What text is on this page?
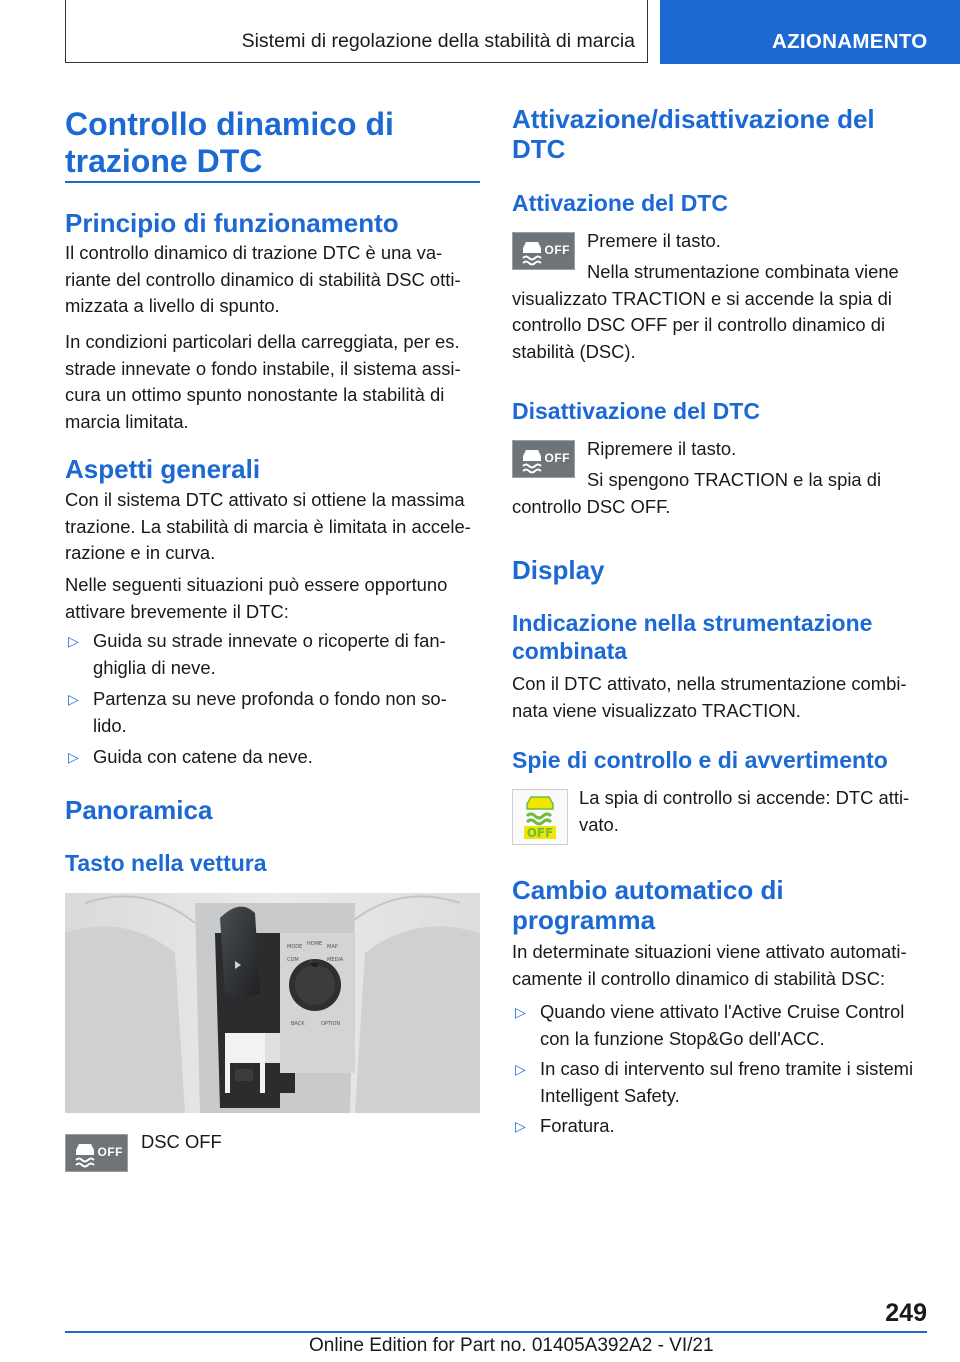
Sistemi di regolazione della stabilità di marcia	AZIONAMENTO
Controllo dinamico di
trazione DTC
Principio di funzionamento
Il controllo dinamico di trazione DTC è una va‐
riante del controllo dinamico di stabilità DSC otti‐
mizzata a livello di spunto.
In condizioni particolari della carreggiata, per es.
strade innevate o fondo instabile, il sistema assi‐
cura un ottimo spunto nonostante la stabilità di
marcia limitata.
Aspetti generali
Con il sistema DTC attivato si ottiene la massima
trazione. La stabilità di marcia è limitata in accele‐
razione e in curva.
Nelle seguenti situazioni può essere opportuno
attivare brevemente il DTC:
▷ Guida su strade innevate o ricoperte di fan‐
ghiglia di neve.
▷ Partenza su neve profonda o fondo non so‐
lido.
▷ Guida con catene da neve.
Panoramica
Tasto nella vettura
MODE HOME MAP
COM NAV MEDIA
BACK	OPTION
OFF DSC OFF
Attivazione/disattivazione del
DTC
Attivazione del DTC
Premere il tasto.
Nella strumentazione combinata viene
visualizzato TRACTION e si accende la spia di
controllo DSC OFF per il controllo dinamico di
stabilità (DSC).
Disattivazione del DTC
Ripremere il tasto.
Si spengono TRACTION e la spia di
controllo DSC OFF.
Display
Indicazione nella strumentazione
combinata
Con il DTC attivato, nella strumentazione combi‐
nata viene visualizzato TRACTION.
Spie di controllo e di avvertimento
La spia di controllo si accende: DTC atti‐
vato.
Cambio automatico di
programma
In determinate situazioni viene attivato automati‐
camente il controllo dinamico di stabilità DSC:
▷ Quando viene attivato l'Active Cruise Control
con la funzione Stop&Go dell'ACC.
▷ In caso di intervento sul freno tramite i sistemi
Intelligent Safety.
▷ Foratura.
OFF
OFF
OFF
249
Online Edition for Part no. 01405A392A2 - VI/21
